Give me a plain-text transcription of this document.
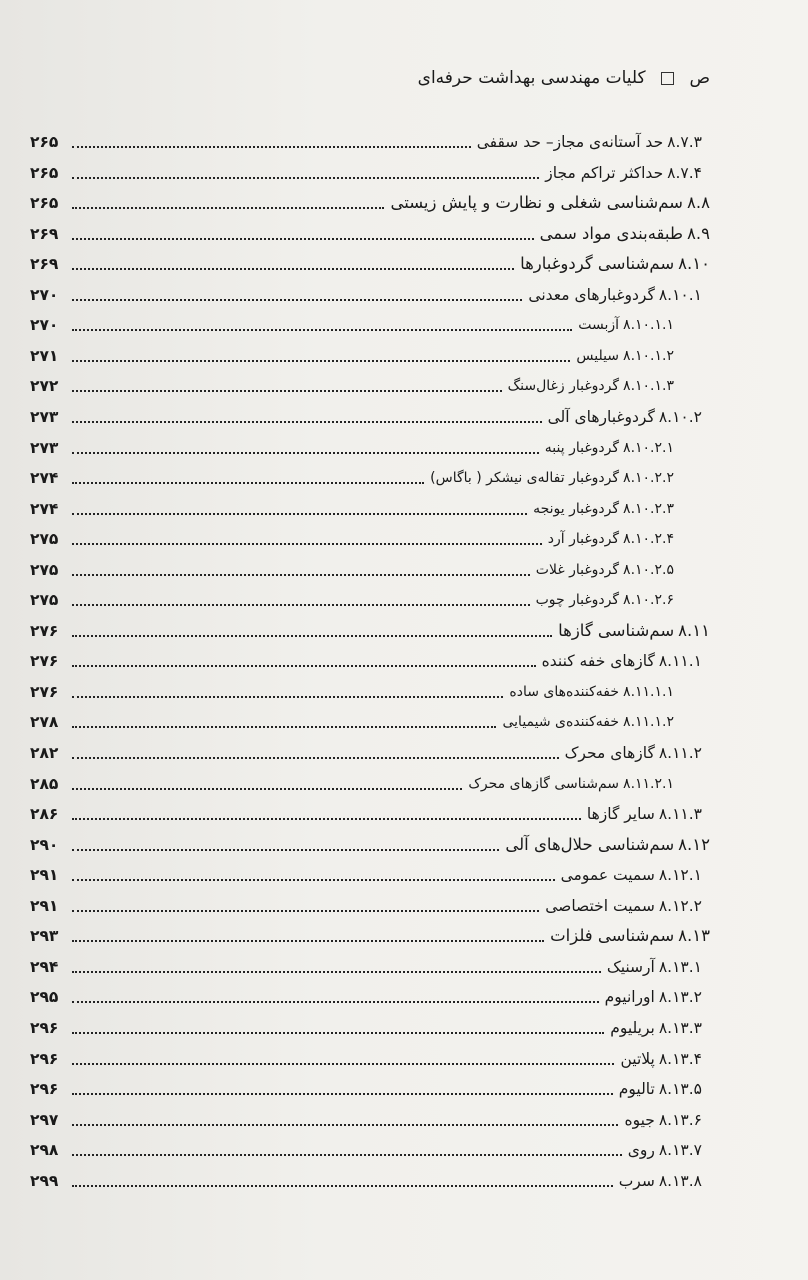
ص  کلیات مهندسی بهداشت حرفه‌ای
۸.۷.۳
حد آستانه‌ی مجاز– حد سقفی
۲۶۵
۸.۷.۴
حداکثر تراکم مجاز
۲۶۵
۸.۸
سم‌شناسی شغلی و نظارت و پایش زیستی
۲۶۵
۸.۹
طبقه‌بندی مواد سمی
۲۶۹
۸.۱۰
سم‌شناسی گردوغبارها
۲۶۹
۸.۱۰.۱
گردوغبارهای معدنی
۲۷۰
۸.۱۰.۱.۱
آزبست
۲۷۰
۸.۱۰.۱.۲
سیلیس
۲۷۱
۸.۱۰.۱.۳
گردوغبار زغال‌سنگ
۲۷۲
۸.۱۰.۲
گردوغبارهای آلی
۲۷۳
۸.۱۰.۲.۱
گردوغبار پنبه
۲۷۳
۸.۱۰.۲.۲
گردوغبار تفاله‌ی نیشکر ( باگاس)
۲۷۴
۸.۱۰.۲.۳
گردوغبار یونجه
۲۷۴
۸.۱۰.۲.۴
گردوغبار آرد
۲۷۵
۸.۱۰.۲.۵
گردوغبار غلات
۲۷۵
۸.۱۰.۲.۶
گردوغبار چوب
۲۷۵
۸.۱۱
سم‌شناسی گازها
۲۷۶
۸.۱۱.۱
گازهای خفه کننده
۲۷۶
۸.۱۱.۱.۱
خفه‌کننده‌های ساده
۲۷۶
۸.۱۱.۱.۲
خفه‌کننده‌ی شیمیایی
۲۷۸
۸.۱۱.۲
گازهای محرک
۲۸۲
۸.۱۱.۲.۱
سم‌شناسی گازهای محرک
۲۸۵
۸.۱۱.۳
سایر گازها
۲۸۶
۸.۱۲
سم‌شناسی حلال‌های آلی
۲۹۰
۸.۱۲.۱
سمیت عمومی
۲۹۱
۸.۱۲.۲
سمیت اختصاصی
۲۹۱
۸.۱۳
سم‌شناسی فلزات
۲۹۳
۸.۱۳.۱
آرسنیک
۲۹۴
۸.۱۳.۲
اورانیوم
۲۹۵
۸.۱۳.۳
بریلیوم
۲۹۶
۸.۱۳.۴
پلاتین
۲۹۶
۸.۱۳.۵
تالیوم
۲۹۶
۸.۱۳.۶
جیوه
۲۹۷
۸.۱۳.۷
روی
۲۹۸
۸.۱۳.۸
سرب
۲۹۹
